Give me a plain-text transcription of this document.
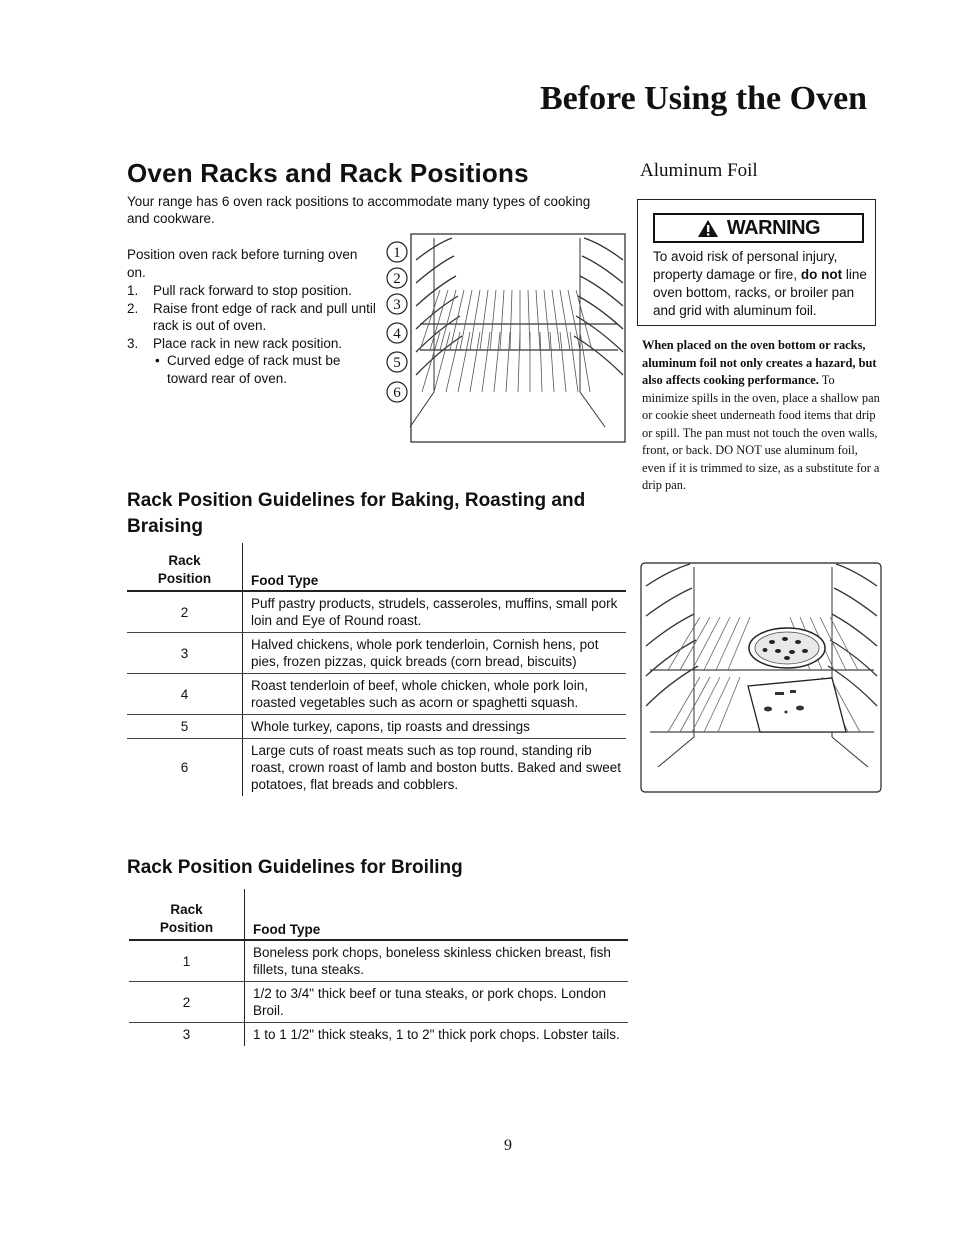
Before Using the Oven
Oven Racks and Rack Positions
Your range has 6 oven rack positions to accommodate many types of cooking and cookware.
Position oven rack before turning oven on.
1. Pull rack forward to stop position.
2. Raise front edge of rack and pull until rack is out of oven.
3. Place rack in new rack position.
• Curved edge of rack must be toward rear of oven.
1
2
3
4
5
6
Aluminum Foil
WARNING
To avoid risk of personal injury, property damage or fire, do not line oven bottom, racks, or broiler pan and grid with aluminum foil.
When placed on the oven bottom or racks, aluminum foil not only creates a hazard, but also affects cooking performance. To minimize spills in the oven, place a shallow pan or cookie sheet underneath food items that drip or spill. The pan must not touch the oven walls, front, or back. DO NOT use aluminum foil, even if it is trimmed to size, as a substitute for a drip pan.
Rack Position Guidelines for Baking, Roasting and Braising
Rack
Position	Food Type
2	Puff pastry products, strudels, casseroles, muffins, small pork loin and Eye of Round roast.
3	Halved chickens, whole pork tenderloin, Cornish hens, pot pies, frozen pizzas, quick breads (corn bread, biscuits)
4	Roast tenderloin of beef, whole chicken, whole pork loin, roasted vegetables such as acorn or spaghetti squash.
5	Whole turkey, capons, tip roasts and dressings
6	Large cuts of roast meats such as top round, standing rib roast, crown roast of lamb and boston butts. Baked and sweet potatoes, flat breads and cobblers.
Rack Position Guidelines for Broiling
Rack
Position	Food Type
1	Boneless pork chops, boneless skinless chicken breast, fish fillets, tuna steaks.
2	1/2 to 3/4" thick beef or tuna steaks, or pork chops. London Broil.
3	1 to 1 1/2" thick steaks, 1 to 2" thick pork chops. Lobster tails.
9
